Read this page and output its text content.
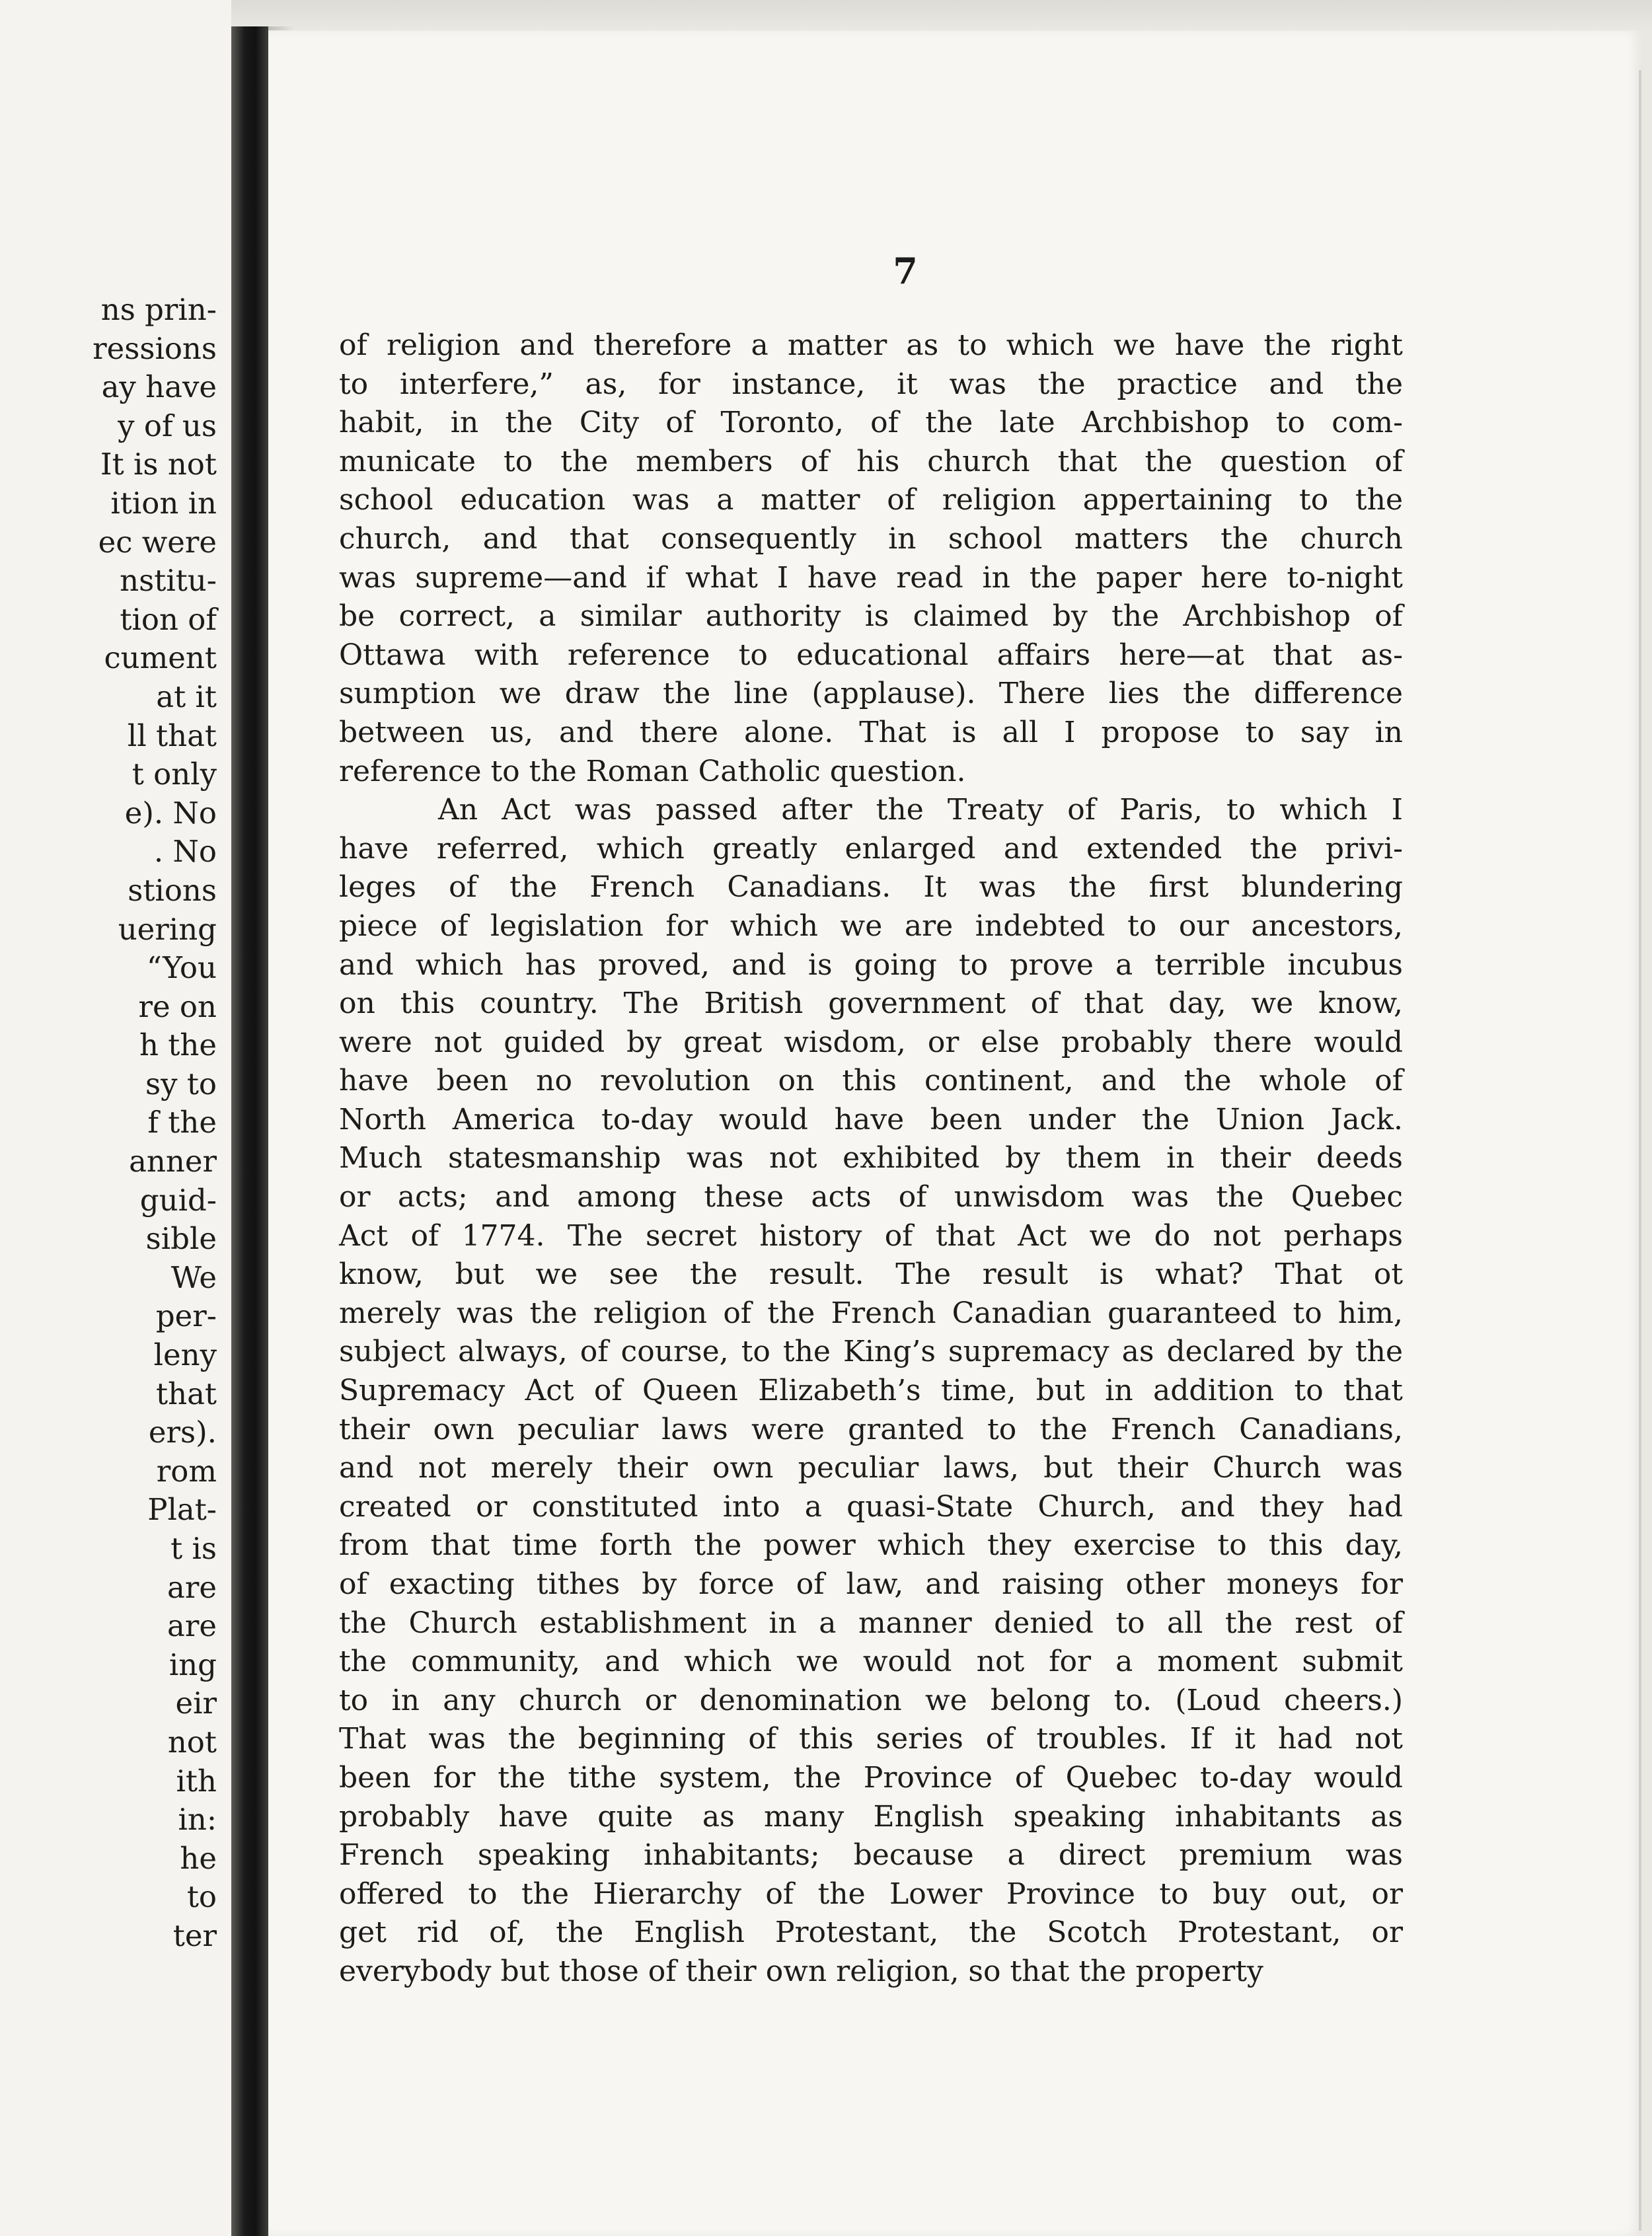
ns prin-
ressions
ay have
y of us
It is not
ition in
ec were
nstitu-
tion of
cument
at it
ll that
t only
e). No
. No
stions
uering
“You
re on
h the
sy to
f the
anner
guid-
sible
We
per-
leny
that
ers).
rom
Plat-
t is
are
are
ing
eir
not
ith
in:
he
to
ter
7
of religion and therefore a matter as to which we have the right
to interfere,” as, for instance, it was the practice and the
habit, in the City of Toronto, of the late Archbishop to com-
municate to the members of his church that the question of
school education was a matter of religion appertaining to the
church, and that consequently in school matters the church
was supreme—and if what I have read in the paper here to-night
be correct, a similar authority is claimed by the Archbishop of
Ottawa with reference to educational affairs here—at that as-
sumption we draw the line (applause). There lies the difference
between us, and there alone. That is all I propose to say in
reference to the Roman Catholic question.
An Act was passed after the Treaty of Paris, to which I
have referred, which greatly enlarged and extended the privi-
leges of the French Canadians. It was the first blundering
piece of legislation for which we are indebted to our ancestors,
and which has proved, and is going to prove a terrible incubus
on this country. The British government of that day, we know,
were not guided by great wisdom, or else probably there would
have been no revolution on this continent, and the whole of
North America to-day would have been under the Union Jack.
Much statesmanship was not exhibited by them in their deeds
or acts; and among these acts of unwisdom was the Quebec
Act of 1774. The secret history of that Act we do not perhaps
know, but we see the result. The result is what? That ot
merely was the religion of the French Canadian guaranteed to him,
subject always, of course, to the King’s supremacy as declared by the
Supremacy Act of Queen Elizabeth’s time, but in addition to that
their own peculiar laws were granted to the French Canadians,
and not merely their own peculiar laws, but their Church was
created or constituted into a quasi-State Church, and they had
from that time forth the power which they exercise to this day,
of exacting tithes by force of law, and raising other moneys for
the Church establishment in a manner denied to all the rest of
the community, and which we would not for a moment submit
to in any church or denomination we belong to. (Loud cheers.)
That was the beginning of this series of troubles. If it had not
been for the tithe system, the Province of Quebec to-day would
probably have quite as many English speaking inhabitants as
French speaking inhabitants; because a direct premium was
offered to the Hierarchy of the Lower Province to buy out, or
get rid of, the English Protestant, the Scotch Protestant, or
everybody but those of their own religion, so that the property
